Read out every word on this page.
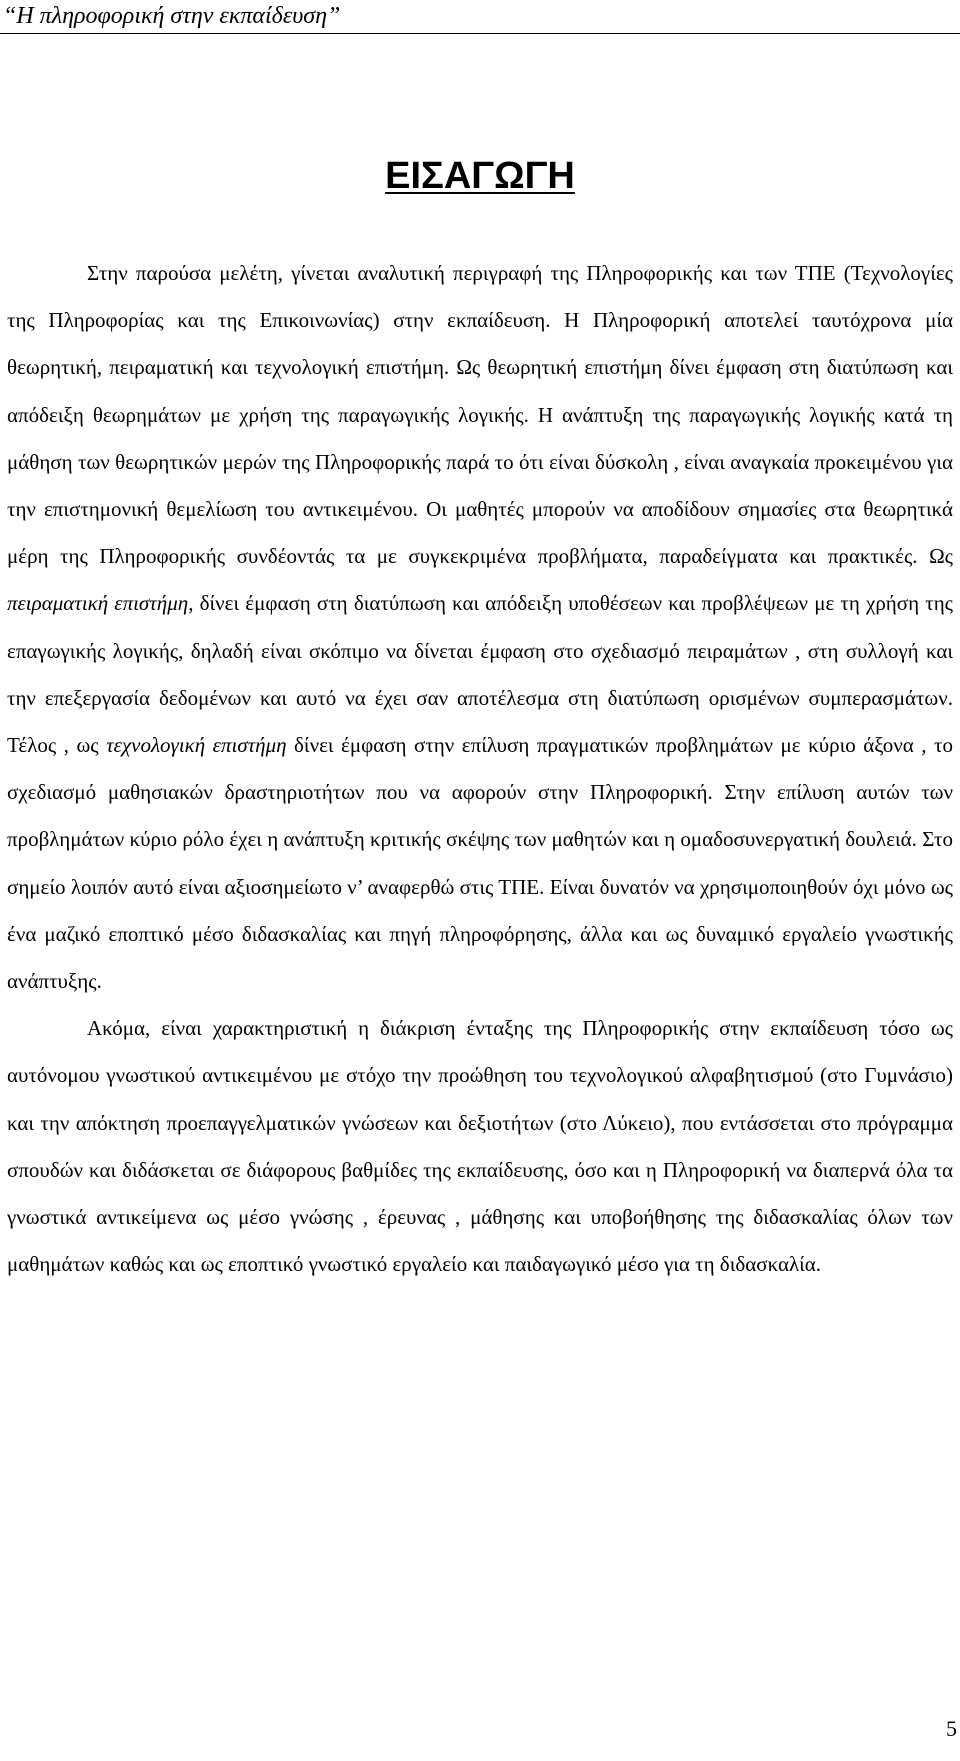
“Η πληροφορική στην εκπαίδευση”
ΕΙΣΑΓΩΓΗ

Στην παρούσα μελέτη, γίνεται αναλυτική περιγραφή της Πληροφορικής και των ΤΠΕ (Τεχνολογίες της Πληροφορίας και της Επικοινωνίας) στην εκπαίδευση. Η Πληροφορική αποτελεί ταυτόχρονα μία θεωρητική, πειραματική και τεχνολογική επιστήμη. Ως θεωρητική επιστήμη δίνει έμφαση στη διατύπωση και απόδειξη θεωρημάτων με χρήση της παραγωγικής λογικής. Η ανάπτυξη της παραγωγικής λογικής κατά τη μάθηση των θεωρητικών μερών της Πληροφορικής παρά το ότι είναι δύσκολη , είναι αναγκαία προκειμένου για την επιστημονική θεμελίωση του αντικειμένου. Οι μαθητές μπορούν να αποδίδουν σημασίες στα θεωρητικά μέρη της Πληροφορικής συνδέοντάς τα με συγκεκριμένα προβλήματα, παραδείγματα και πρακτικές. Ως πειραματική επιστήμη, δίνει έμφαση στη διατύπωση και απόδειξη υποθέσεων και προβλέψεων με τη χρήση της επαγωγικής λογικής, δηλαδή είναι σκόπιμο να δίνεται έμφαση στο σχεδιασμό πειραμάτων , στη συλλογή και την επεξεργασία δεδομένων και αυτό να έχει σαν αποτέλεσμα στη διατύπωση ορισμένων συμπερασμάτων. Τέλος , ως τεχνολογική επιστήμη δίνει έμφαση στην επίλυση πραγματικών προβλημάτων με κύριο άξονα , το σχεδιασμό μαθησιακών δραστηριοτήτων που να αφορούν στην Πληροφορική. Στην επίλυση αυτών των προβλημάτων κύριο ρόλο έχει η ανάπτυξη κριτικής σκέψης των μαθητών και η ομαδοσυνεργατική δουλειά. Στο σημείο λοιπόν αυτό είναι αξιοσημείωτο ν’ αναφερθώ στις ΤΠΕ. Είναι δυνατόν να χρησιμοποιηθούν όχι μόνο ως ένα μαζικό εποπτικό μέσο διδασκαλίας και πηγή πληροφόρησης, άλλα και ως δυναμικό εργαλείο γνωστικής ανάπτυξης.

Ακόμα, είναι χαρακτηριστική η διάκριση ένταξης της Πληροφορικής στην εκπαίδευση τόσο ως αυτόνομου γνωστικού αντικειμένου με στόχο την προώθηση του τεχνολογικού αλφαβητισμού (στο Γυμνάσιο) και την απόκτηση προεπαγγελματικών γνώσεων και δεξιοτήτων (στο Λύκειο), που εντάσσεται στο πρόγραμμα σπουδών και διδάσκεται σε διάφορους βαθμίδες της εκπαίδευσης, όσο και η Πληροφορική να διαπερνά όλα τα γνωστικά αντικείμενα ως μέσο γνώσης , έρευνας , μάθησης και υποβοήθησης της διδασκαλίας όλων των μαθημάτων καθώς και ως εποπτικό γνωστικό εργαλείο και παιδαγωγικό μέσο για τη διδασκαλία.

5
